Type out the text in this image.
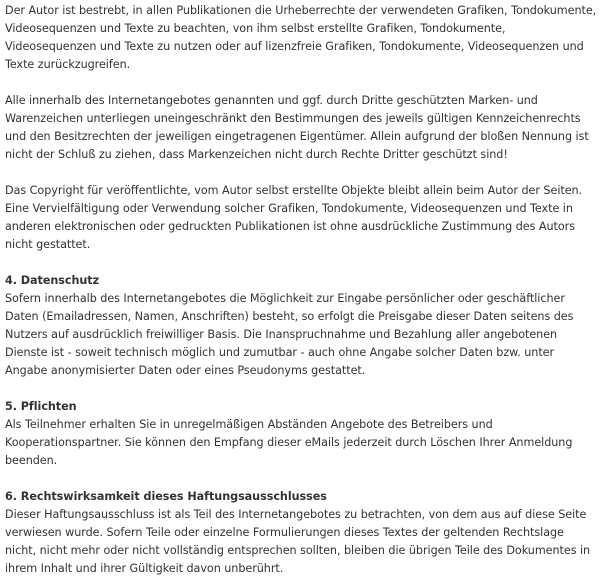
Der Autor ist bestrebt, in allen Publikationen die Urheberrechte der verwendeten Grafiken, Tondokumente, Videosequenzen und Texte zu beachten, von ihm selbst erstellte Grafiken, Tondokumente, Videosequenzen und Texte zu nutzen oder auf lizenzfreie Grafiken, Tondokumente, Videosequenzen und Texte zurückzugreifen.

Alle innerhalb des Internetangebotes genannten und ggf. durch Dritte geschützten Marken- und Warenzeichen unterliegen uneingeschränkt den Bestimmungen des jeweils gültigen Kennzeichenrechts und den Besitzrechten der jeweiligen eingetragenen Eigentümer. Allein aufgrund der bloßen Nennung ist nicht der Schluß zu ziehen, dass Markenzeichen nicht durch Rechte Dritter geschützt sind!

Das Copyright für veröffentlichte, vom Autor selbst erstellte Objekte bleibt allein beim Autor der Seiten. Eine Vervielfältigung oder Verwendung solcher Grafiken, Tondokumente, Videosequenzen und Texte in anderen elektronischen oder gedruckten Publikationen ist ohne ausdrückliche Zustimmung des Autors nicht gestattet.

4. Datenschutz

Sofern innerhalb des Internetangebotes die Möglichkeit zur Eingabe persönlicher oder geschäftlicher Daten (Emailadressen, Namen, Anschriften) besteht, so erfolgt die Preisgabe dieser Daten seitens des Nutzers auf ausdrücklich freiwilliger Basis. Die Inanspruchnahme und Bezahlung aller angebotenen Dienste ist - soweit technisch möglich und zumutbar - auch ohne Angabe solcher Daten bzw. unter Angabe anonymisierter Daten oder eines Pseudonyms gestattet.

5. Pflichten

Als Teilnehmer erhalten Sie in unregelmäßigen Abständen Angebote des Betreibers und Kooperationspartner. Sie können den Empfang dieser eMails jederzeit durch Löschen Ihrer Anmeldung beenden.

6. Rechtswirksamkeit dieses Haftungsausschlusses

Dieser Haftungsausschluss ist als Teil des Internetangebotes zu betrachten, von dem aus auf diese Seite verwiesen wurde. Sofern Teile oder einzelne Formulierungen dieses Textes der geltenden Rechtslage nicht, nicht mehr oder nicht vollständig entsprechen sollten, bleiben die übrigen Teile des Dokumentes in ihrem Inhalt und ihrer Gültigkeit davon unberührt.
